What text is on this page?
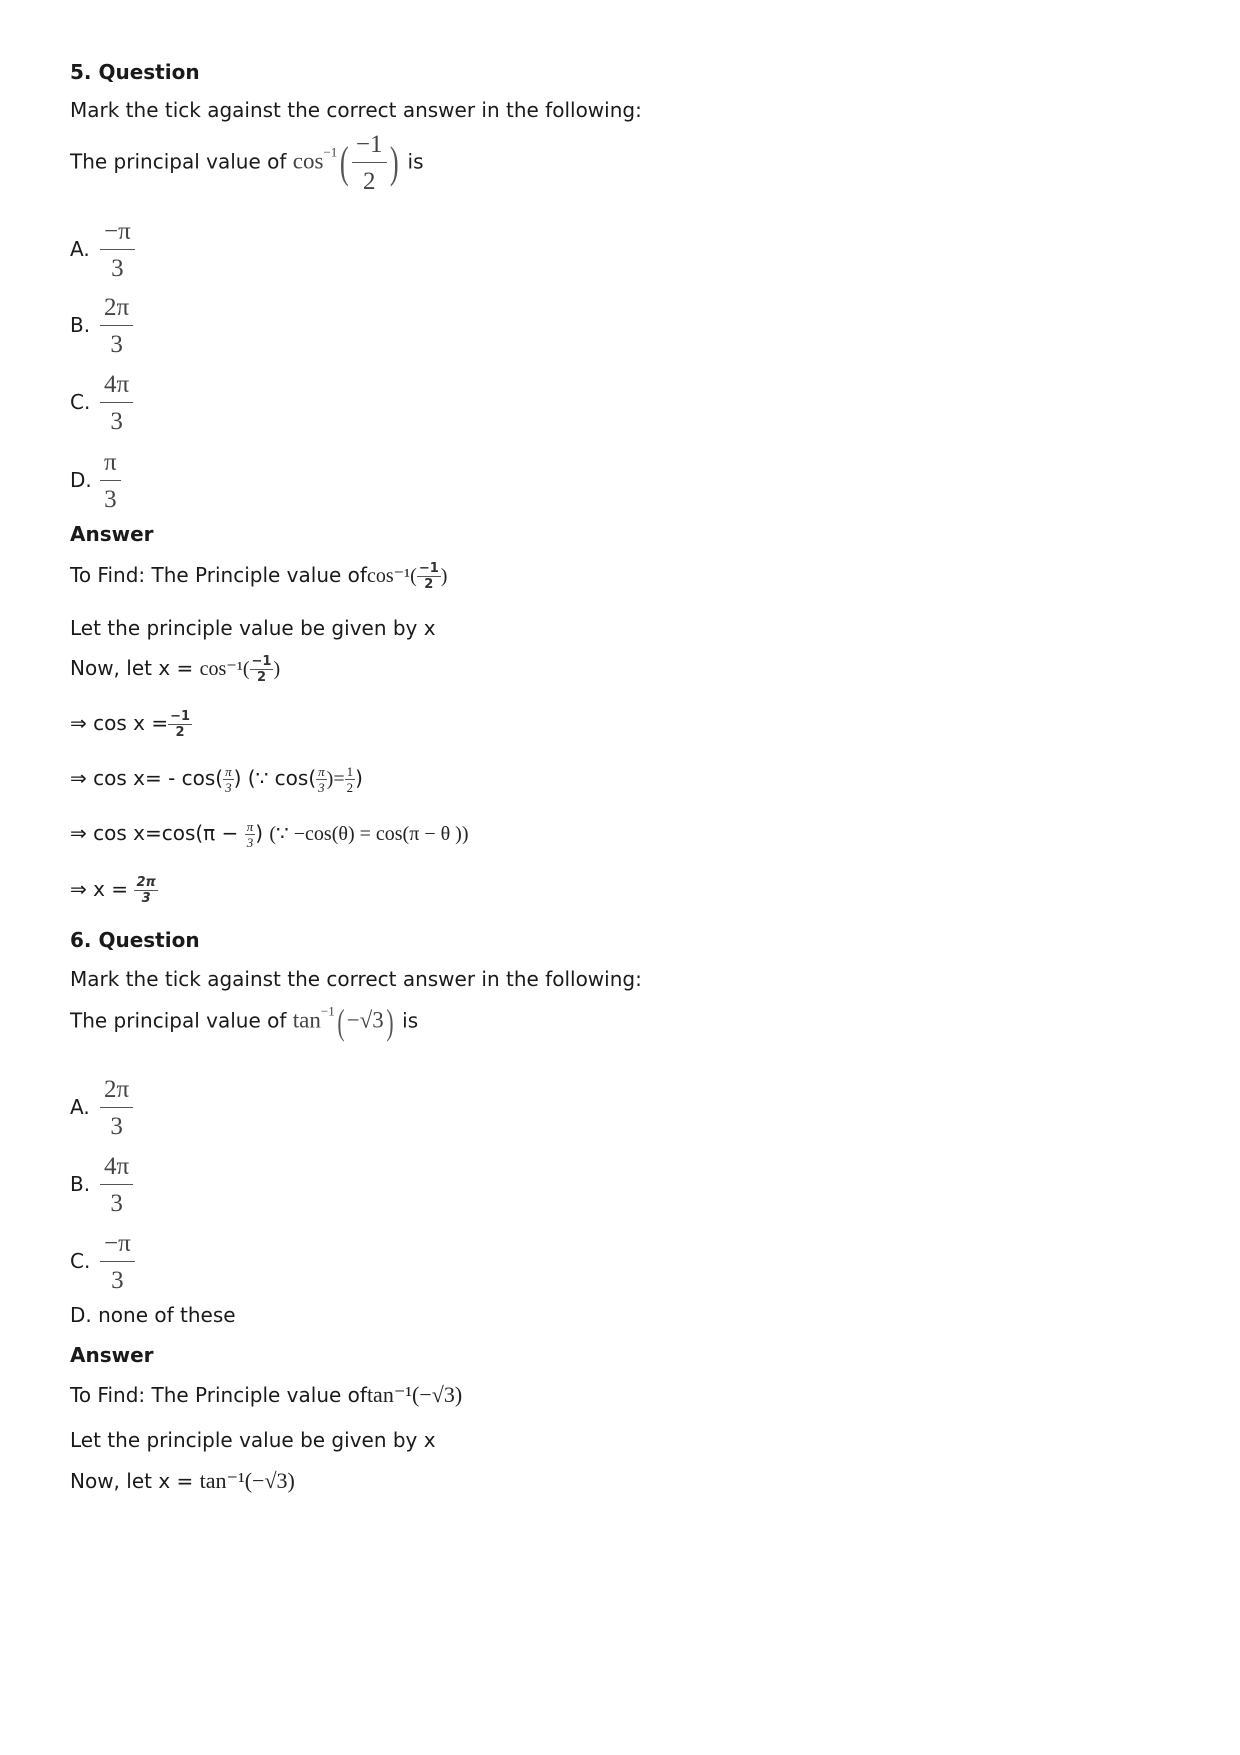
5. Question
Mark the tick against the correct answer in the following:
The principal value of $\cos^{-1}( \frac{-1}{2}$ ) is
A. $\frac{-\pi}{3}$
B. $\frac{2\pi}{3}$
C. $\frac{4\pi}{3}$
D. $\frac{\pi}{3}$
Answer
To Find: The Principle value $ofcos^{-1}( \frac{-1}{2}$ )
Let the principle value be given by x
Now, let $x = \cos^{-1}( \frac{-1}{2}$ )
⇒ $\cos x = \frac{-1}{2}$
⇒ $\cos x= - \cos( \frac{\pi}{3}$ ) (∵ $\cos( \frac{\pi}{3}$ )= $\frac{1}{2}$ )
⇒ $\cos x=\cos(\pi - \frac{\pi}{3}$ ) (∵ −cos(θ) = cos(π − θ ))
⇒ $x = \frac{2\pi}{3}$
6. Question
Mark the tick against the correct answer in the following:
The principal value of $\tan^{-1}( -√3)$ is
A. $\frac{2\pi}{3}$
B. $\frac{4\pi}{3}$
C. $\frac{-\pi}{3}$
D. none of these
Answer
To Find: The Principle value oftan⁻¹(−√3)
Let the principle value be given by x
Now, let x = tan⁻¹(−√3)
